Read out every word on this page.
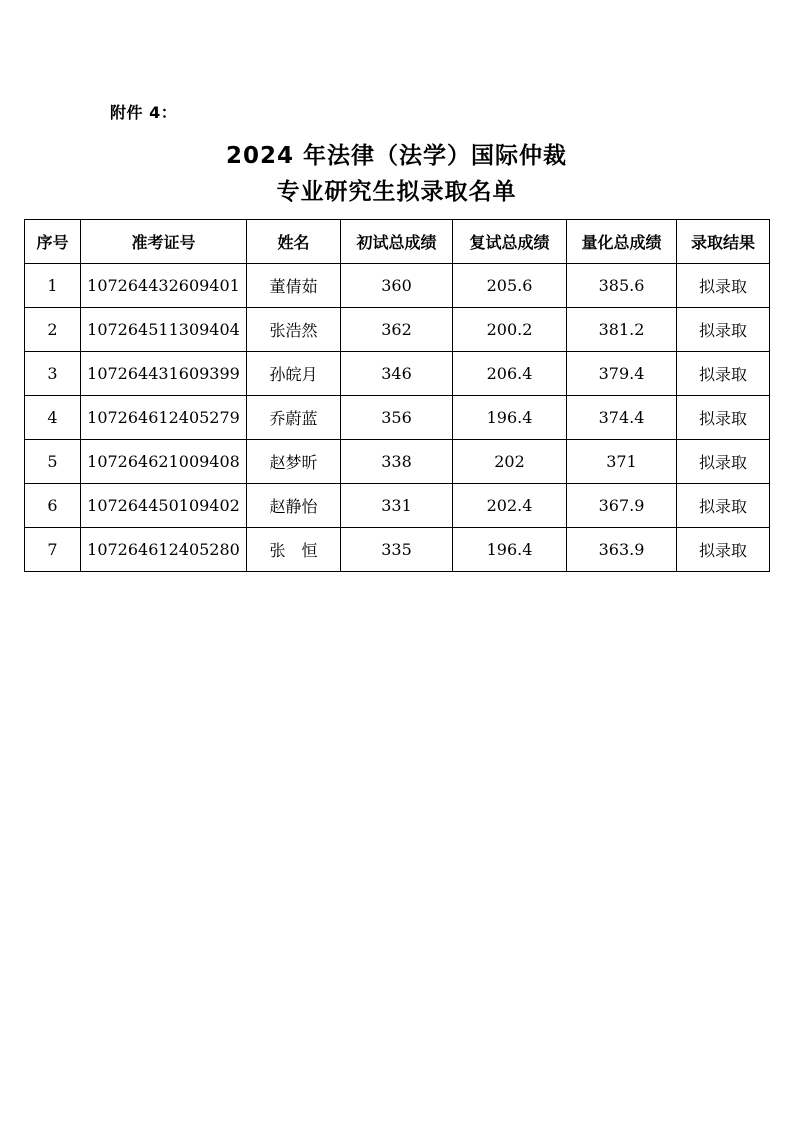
附件 4：
2024 年法律（法学）国际仲裁
专业研究生拟录取名单
序号	准考证号	姓名	初试总成绩	复试总成绩	量化总成绩	录取结果
1	107264432609401	董倩茹	360	205.6	385.6	拟录取
2	107264511309404	张浩然	362	200.2	381.2	拟录取
3	107264431609399	孙皖月	346	206.4	379.4	拟录取
4	107264612405279	乔蔚蓝	356	196.4	374.4	拟录取
5	107264621009408	赵梦昕	338	202	371	拟录取
6	107264450109402	赵静怡	331	202.4	367.9	拟录取
7	107264612405280	张　恒	335	196.4	363.9	拟录取
